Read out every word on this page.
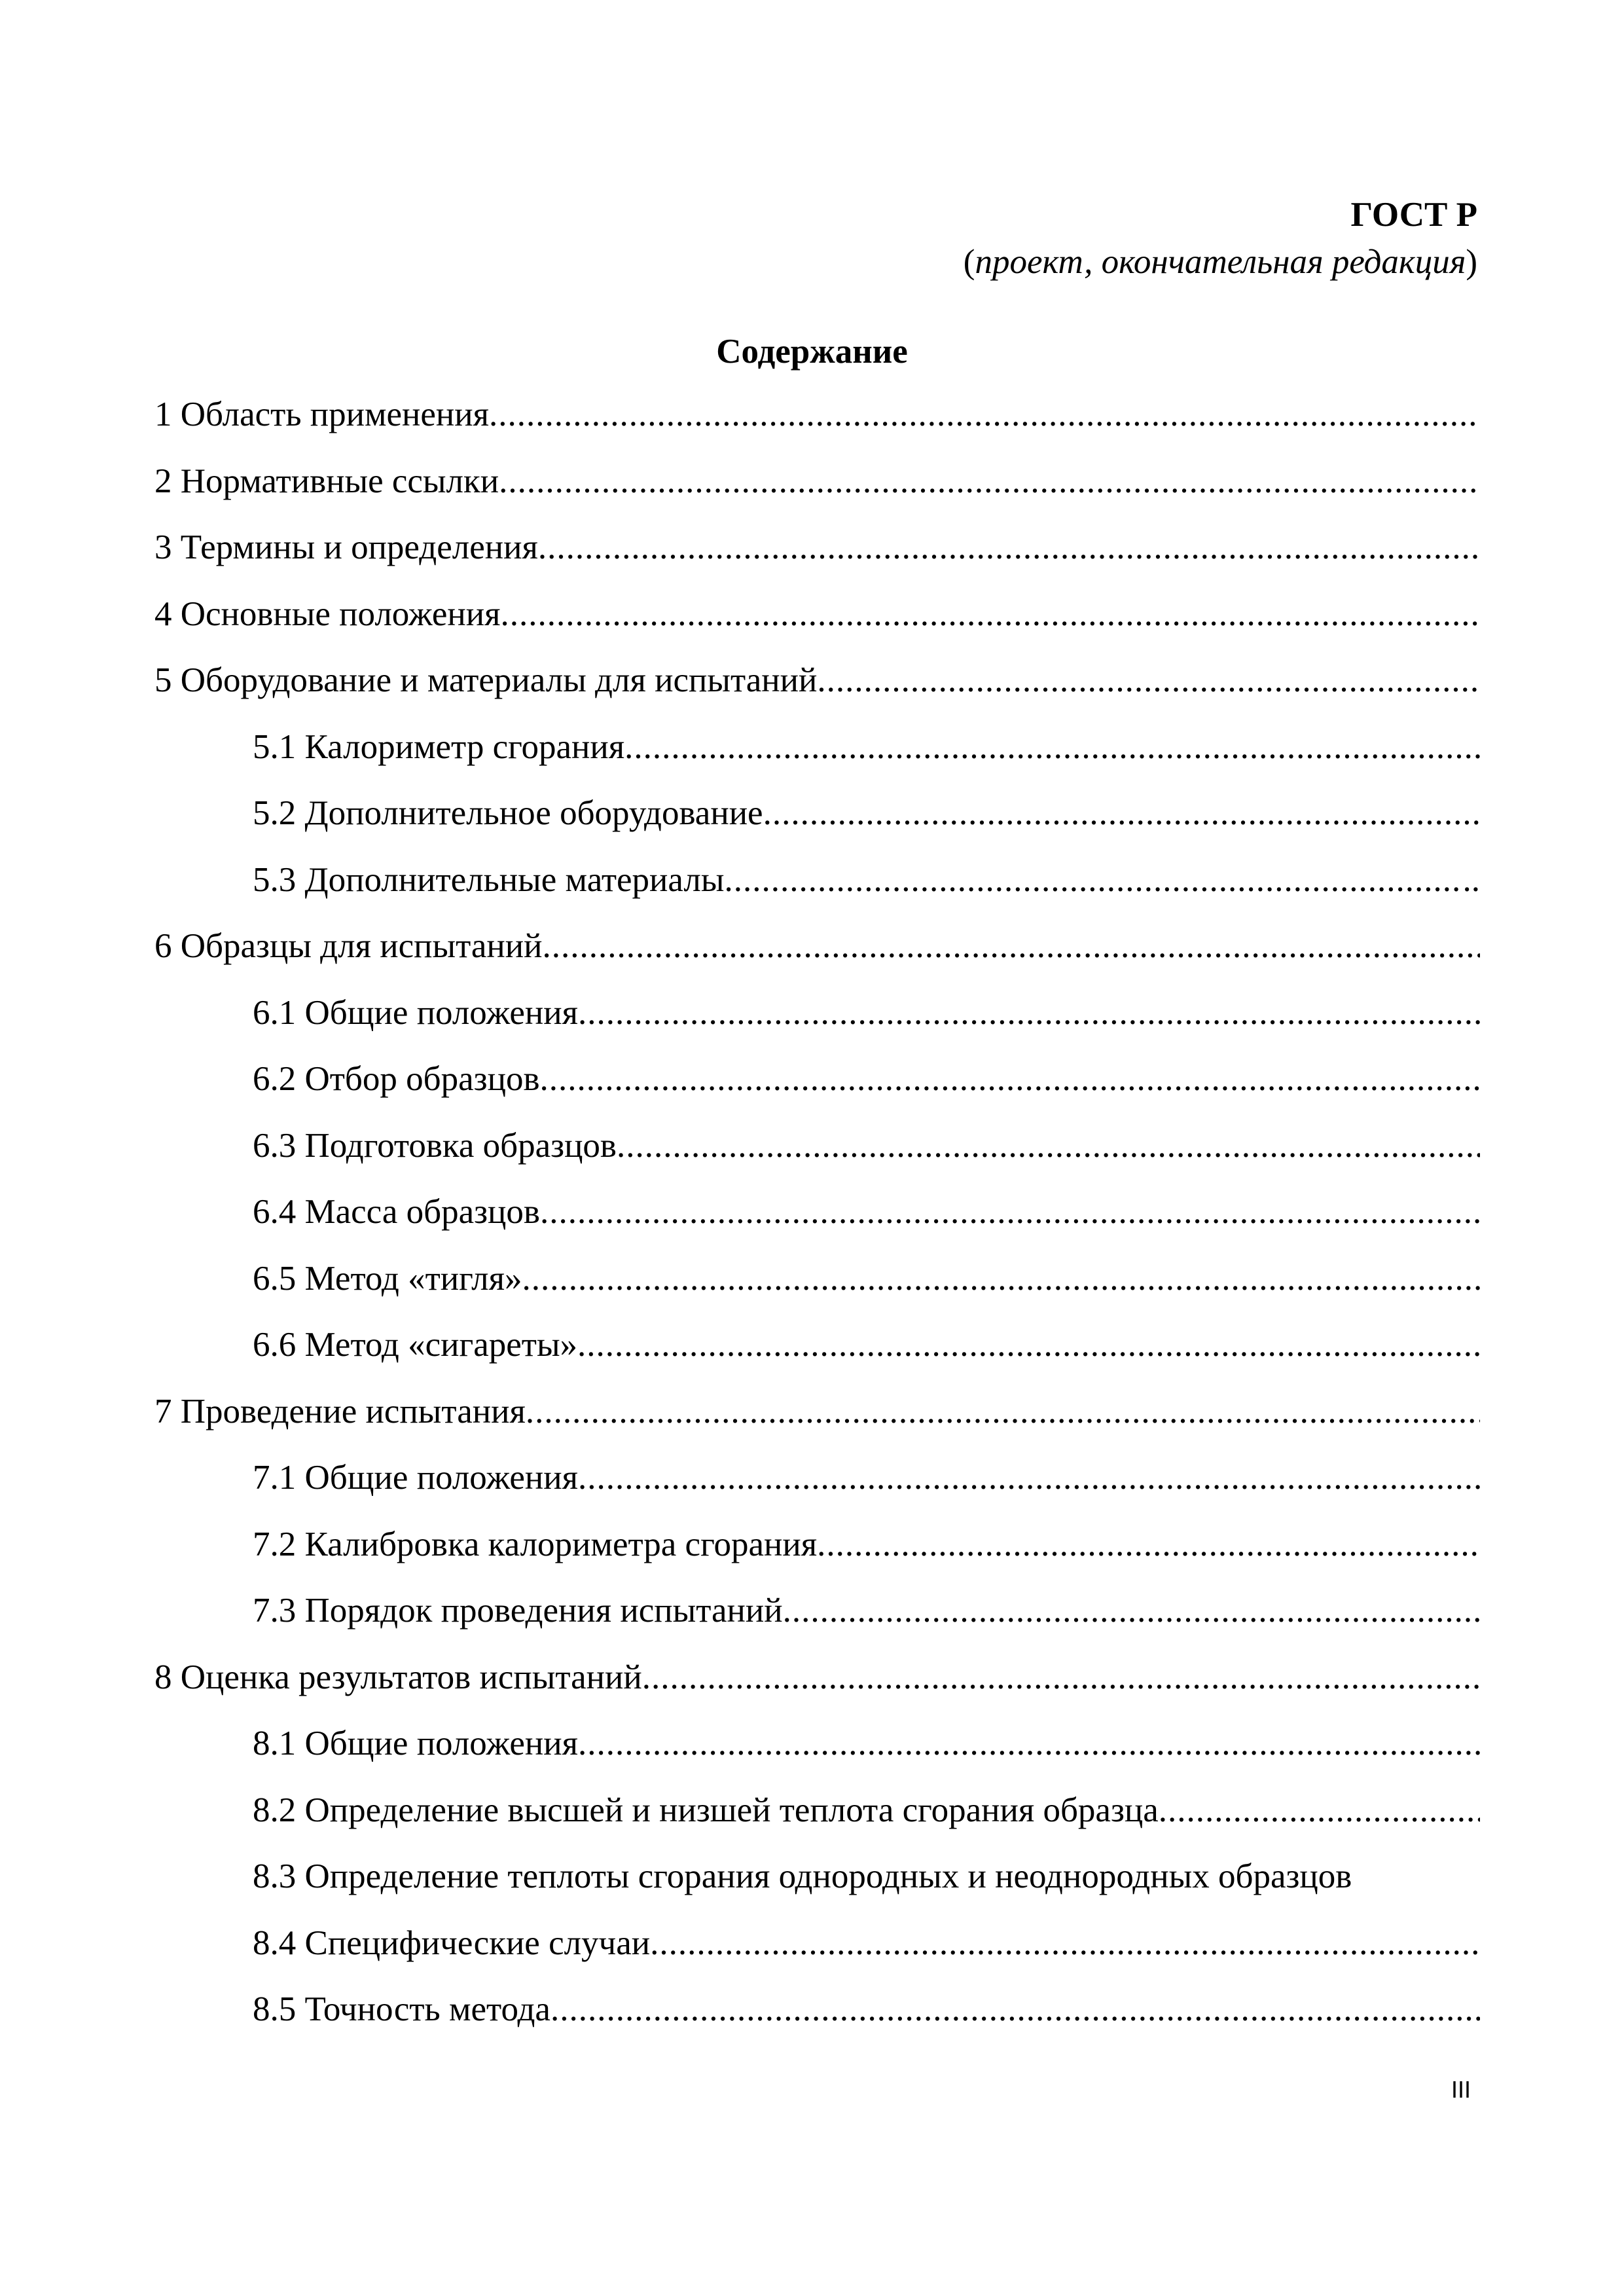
ГОСТ Р
(проект, окончательная редакция)
Содержание
1 Область применения
.....
2 Нормативные ссылки
.....
3 Термины и определения
.....
4 Основные положения
.....
5 Оборудование и материалы для испытаний
.....
5.1 Калориметр сгорания
.....
5.2 Дополнительное оборудование
.....
5.3 Дополнительные материалы
.....	..
6 Образцы для испытаний
.....
6.1 Общие положения
.....
6.2 Отбор образцов
.....
6.3 Подготовка образцов
.....
6.4 Масса образцов
.....
6.5 Метод «тигля»
.....
6.6 Метод «сигареты»
.....
7 Проведение испытания
.....
7.1 Общие положения
.....
7.2 Калибровка калориметра сгорания
.....
7.3 Порядок проведения испытаний
.....
8 Оценка результатов испытаний
.....
8.1 Общие положения
.....
8.2 Определение высшей и низшей теплота сгорания образца
.....
8.3 Определение теплоты сгорания однородных и неоднородных образцов
8.4 Специфические случаи
.....
8.5 Точность метода
.....
III
